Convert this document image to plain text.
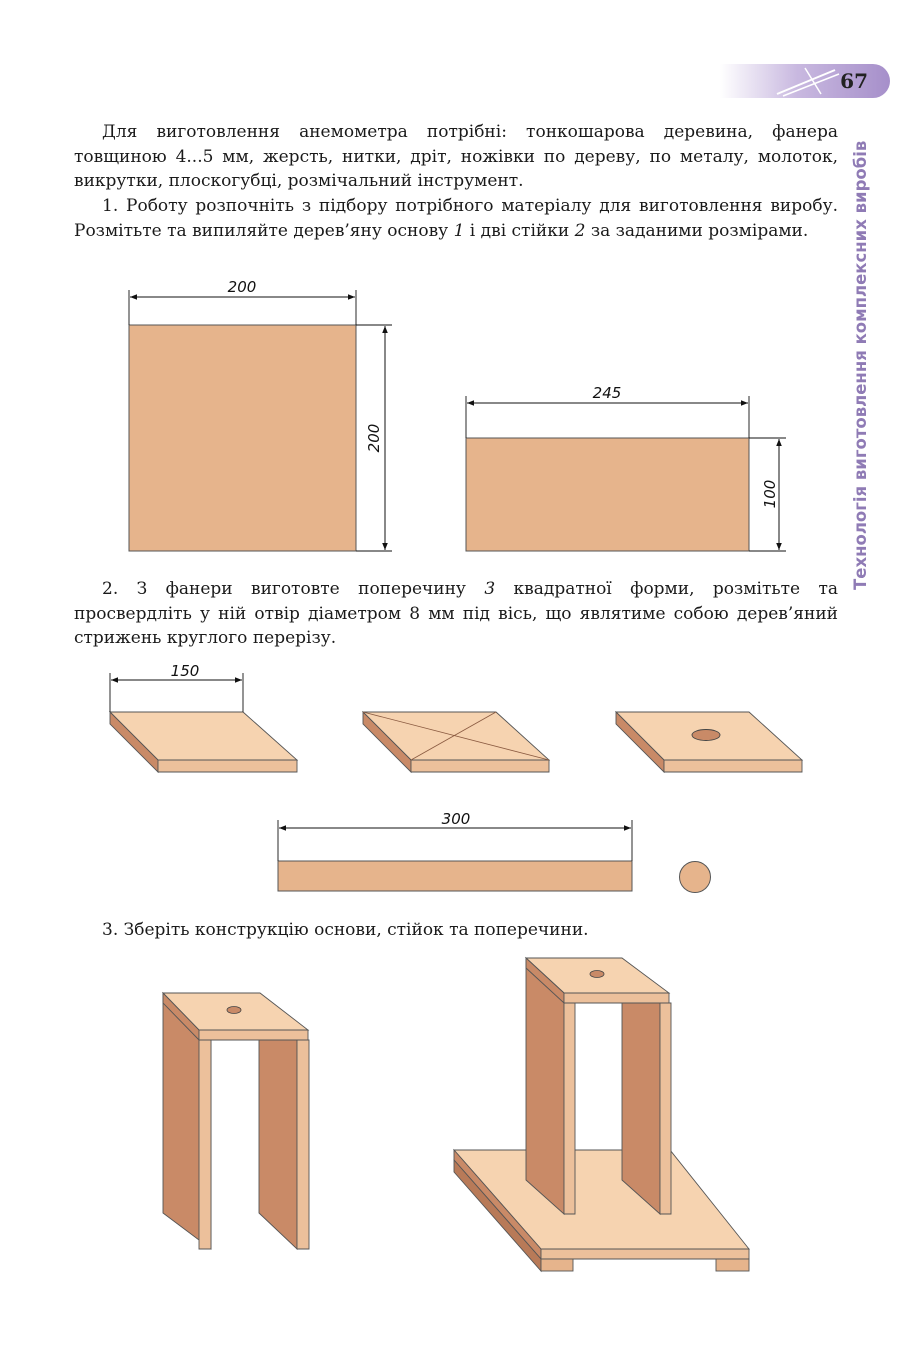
67
Технологія виготовлення комплексних виробів

Для виготовлення анемометра потрібні: тонкошарова деревина, фанера товщиною 4...5 мм, жерсть, нитки, дріт, ножівки по дереву, по металу, молоток, викрутки, плоскогубці, розмічальний інструмент.

1. Роботу розпочніть з підбору потрібного матеріалу для виготовлення виробу. Розмітьте та випиляйте дерев’яну основу 1 і дві стійки 2 за заданими розмірами.

2. З фанери виготовте поперечину 3 квадратної форми, розмітьте та просвердліть у ній отвір діаметром 8 мм під вісь, що являтиме собою дерев’яний стрижень круглого перерізу.

3. Зберіть конструкцію основи, стійок та поперечини.

200
200
245
100
150
300
